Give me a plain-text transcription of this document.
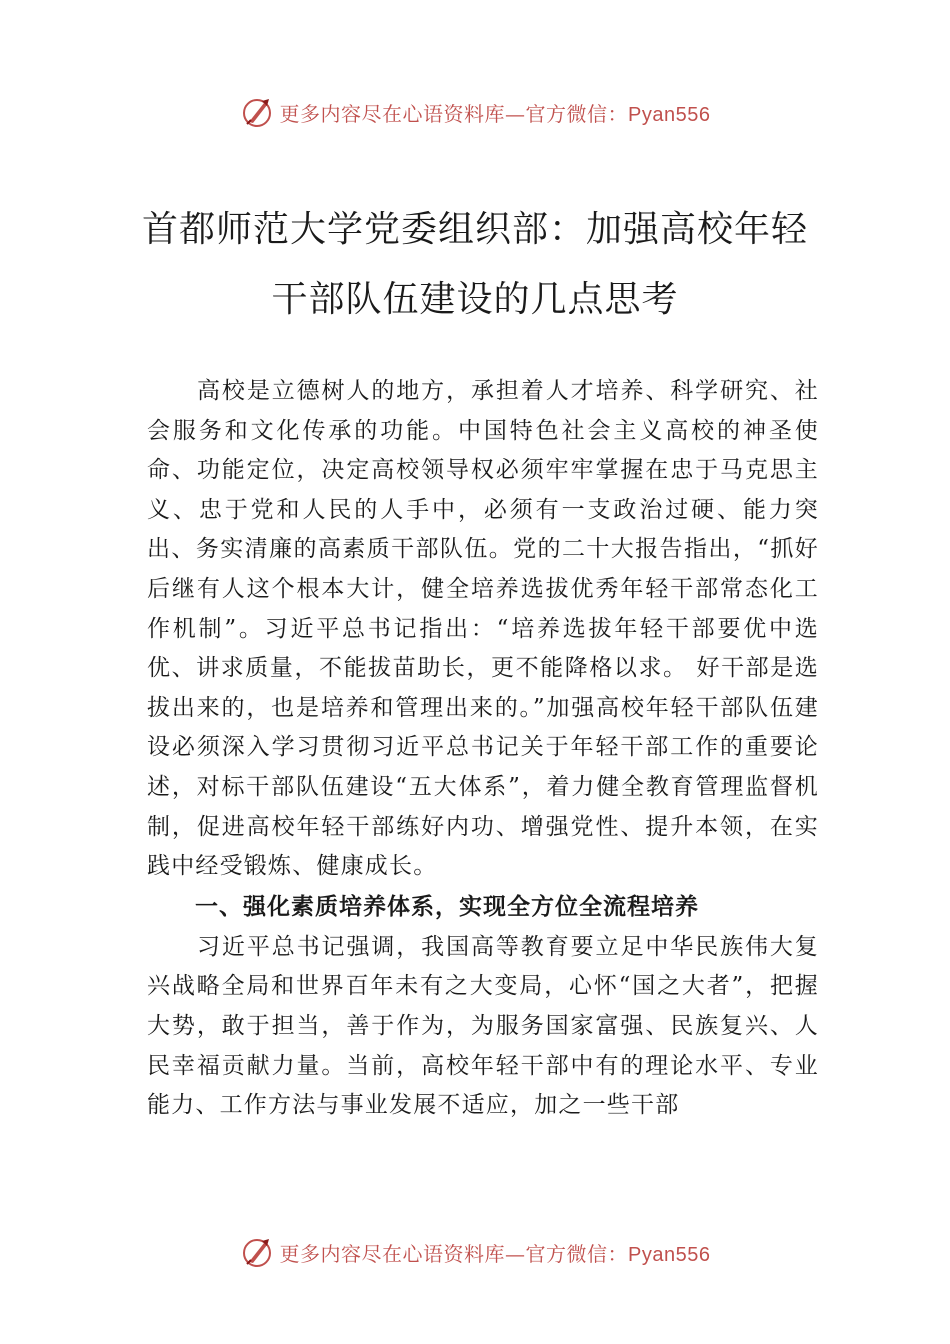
更多内容尽在心语资料库—官方微信：Pyan556
首都师范大学党委组织部：加强高校年轻
干部队伍建设的几点思考

高校是立德树人的地方，承担着人才培养、科学研究、社会服务和文化传承的功能。中国特色社会主义高校的神圣使命、功能定位，决定高校领导权必须牢牢掌握在忠于马克思主义、忠于党和人民的人手中，必须有一支政治过硬、能力突出、务实清廉的高素质干部队伍。党的二十大报告指出，“抓好后继有人这个根本大计，健全培养选拔优秀年轻干部常态化工作机制”。习近平总书记指出：“培养选拔年轻干部要优中选优、讲求质量，不能拔苗助长，更不能降格以求。 好干部是选拔出来的，也是培养和管理出来的。”加强高校年轻干部队伍建设必须深入学习贯彻习近平总书记关于年轻干部工作的重要论述，对标干部队伍建设“五大体系”，着力健全教育管理监督机制，促进高校年轻干部练好内功、增强党性、提升本领，在实践中经受锻炼、健康成长。

一、强化素质培养体系，实现全方位全流程培养

习近平总书记强调，我国高等教育要立足中华民族伟大复兴战略全局和世界百年未有之大变局，心怀“国之大者”，把握大势，敢于担当，善于作为，为服务国家富强、民族复兴、人民幸福贡献力量。当前，高校年轻干部中有的理论水平、专业能力、工作方法与事业发展不适应，加之一些干部

更多内容尽在心语资料库—官方微信：Pyan556
